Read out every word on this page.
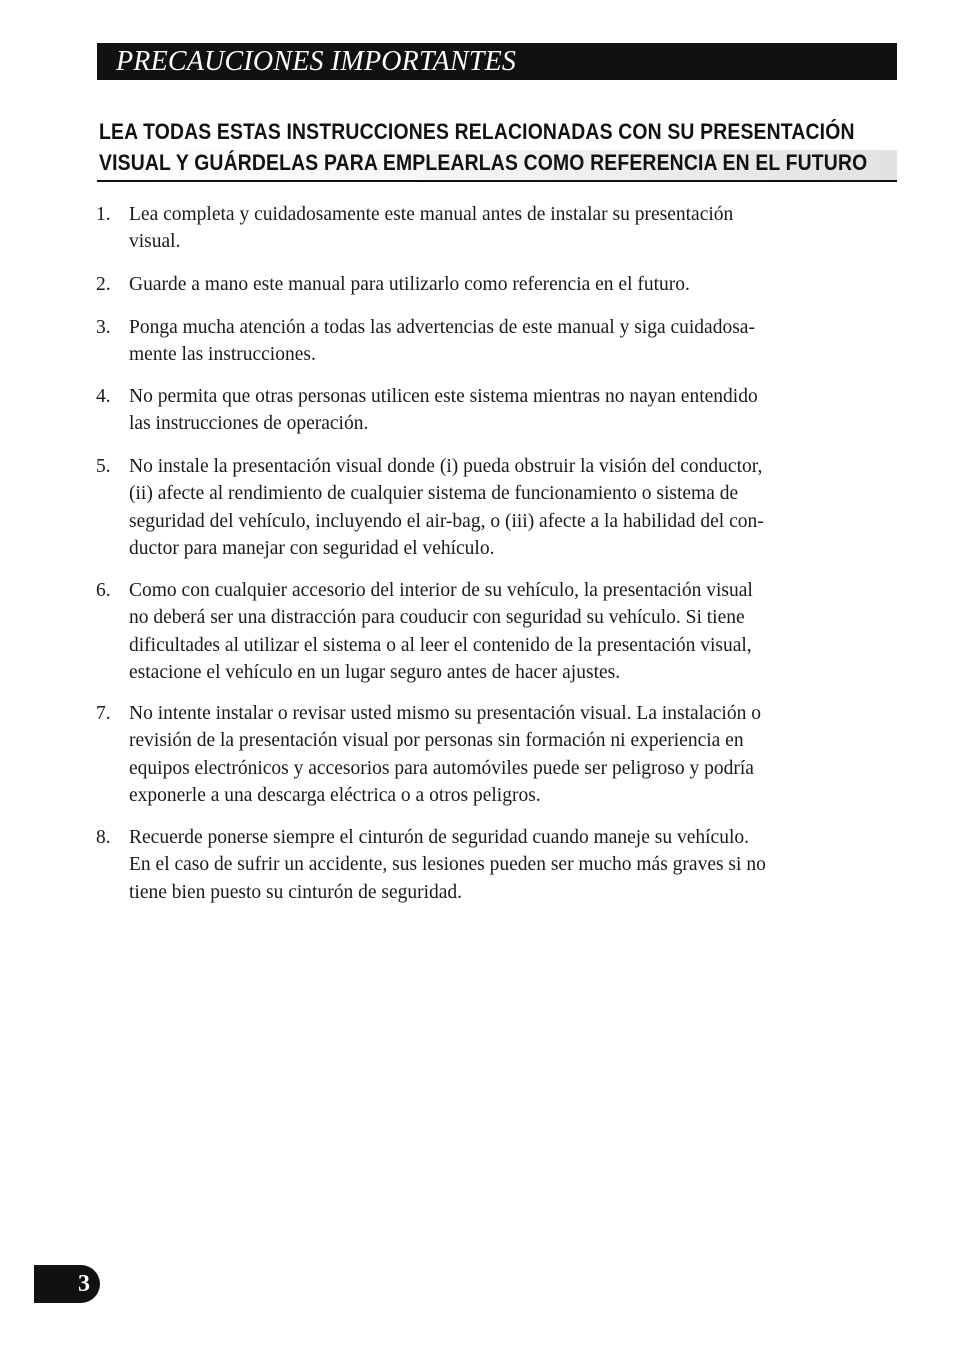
PRECAUCIONES IMPORTANTES
LEA TODAS ESTAS INSTRUCCIONES RELACIONADAS CON SU PRESENTACIÓN
VISUAL Y GUÁRDELAS PARA EMPLEARLAS COMO REFERENCIA EN EL FUTURO
1. Lea completa y cuidadosamente este manual antes de instalar su presentación
visual.
2. Guarde a mano este manual para utilizarlo como referencia en el futuro.
3. Ponga mucha atención a todas las advertencias de este manual y siga cuidadosa-
mente las instrucciones.
4. No permita que otras personas utilicen este sistema mientras no nayan entendido
las instrucciones de operación.
5. No instale la presentación visual donde (i) pueda obstruir la visión del conductor,
(ii) afecte al rendimiento de cualquier sistema de funcionamiento o sistema de
seguridad del vehículo, incluyendo el air-bag, o (iii) afecte a la habilidad del con-
ductor para manejar con seguridad el vehículo.
6. Como con cualquier accesorio del interior de su vehículo, la presentación visual
no deberá ser una distracción para couducir con seguridad su vehículo. Si tiene
dificultades al utilizar el sistema o al leer el contenido de la presentación visual,
estacione el vehículo en un lugar seguro antes de hacer ajustes.
7. No intente instalar o revisar usted mismo su presentación visual. La instalación o
revisión de la presentación visual por personas sin formación ni experiencia en
equipos electrónicos y accesorios para automóviles puede ser peligroso y podría
exponerle a una descarga eléctrica o a otros peligros.
8. Recuerde ponerse siempre el cinturón de seguridad cuando maneje su vehículo.
En el caso de sufrir un accidente, sus lesiones pueden ser mucho más graves si no
tiene bien puesto su cinturón de seguridad.
3
